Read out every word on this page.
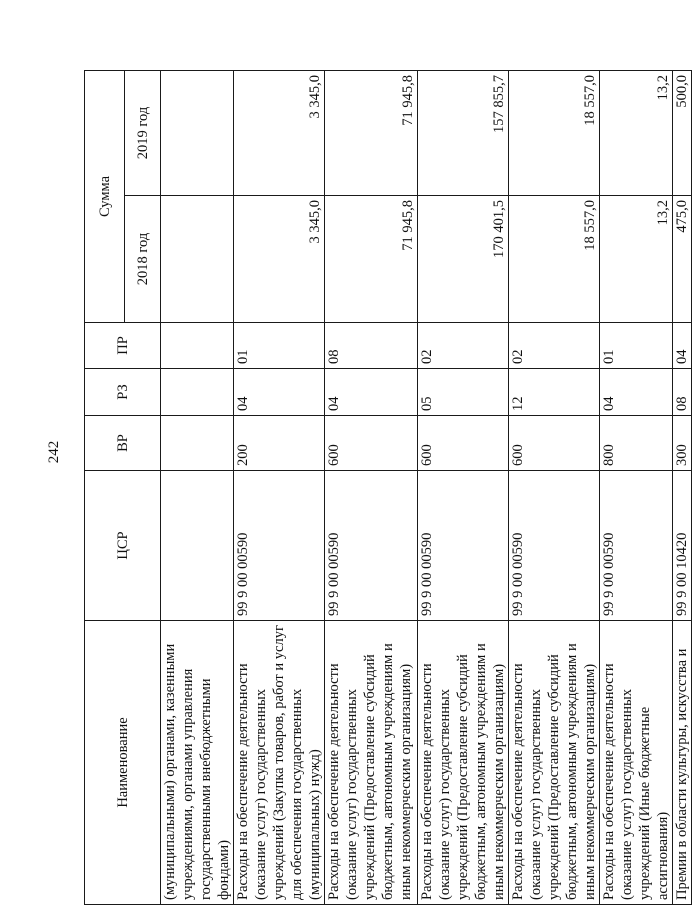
242
Наименование	ЦСР	ВР	РЗ	ПР	Сумма	
					2018 год	2019 год
(муниципальными) органами, казенными учреждениями, органами управления государственными внебюджетными фондами)						
Расходы на обеспечение деятельности (оказание услуг) государственных учреждений (Закупка товаров, работ и услуг для обеспечения государственных (муниципальных) нужд)	99 9 00 00590	200	04	01	3 345,0	3 345,0
Расходы на обеспечение деятельности (оказание услуг) государственных учреждений (Предоставление субсидий бюджетным, автономным учреждениям и иным некоммерческим организациям)	99 9 00 00590	600	04	08	71 945,8	71 945,8
Расходы на обеспечение деятельности (оказание услуг) государственных учреждений (Предоставление субсидий бюджетным, автономным учреждениям и иным некоммерческим организациям)	99 9 00 00590	600	05	02	170 401,5	157 855,7
Расходы на обеспечение деятельности (оказание услуг) государственных учреждений (Предоставление субсидий бюджетным, автономным учреждениям и иным некоммерческим организациям)	99 9 00 00590	600	12	02	18 557,0	18 557,0
Расходы на обеспечение деятельности (оказание услуг) государственных учреждений (Иные бюджетные ассигнования)	99 9 00 00590	800	04	01	13,2	13,2
Премии в области культуры, искусства и	99 9 00 10420	300	08	04	475,0	500,0
